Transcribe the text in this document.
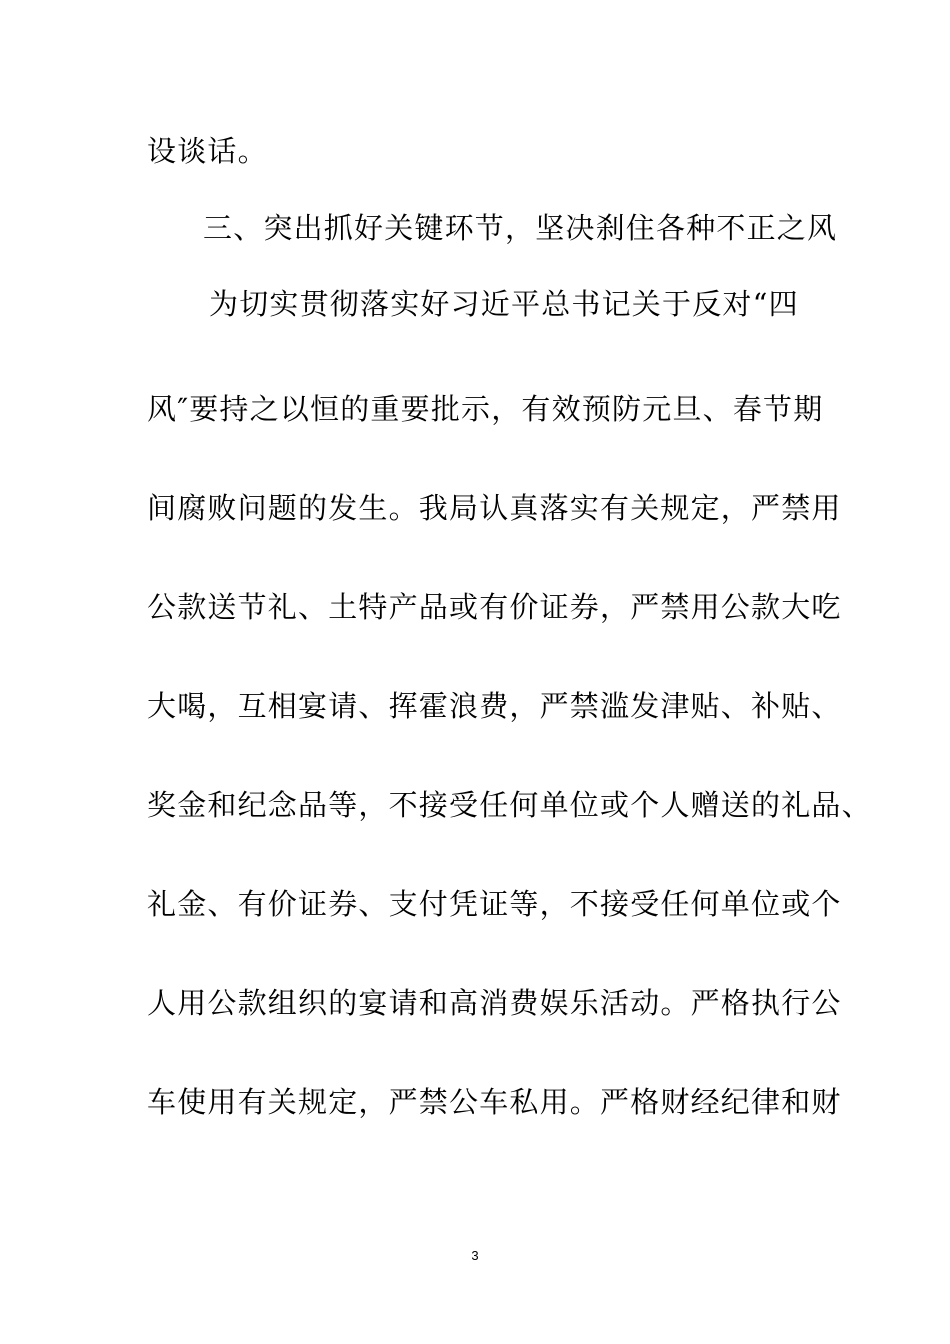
设谈话。
三、突出抓好关键环节，坚决刹住各种不正之风
为切实贯彻落实好习近平总书记关于反对“四
风″要持之以恒的重要批示，有效预防元旦、春节期
间腐败问题的发生。我局认真落实有关规定，严禁用
公款送节礼、土特产品或有价证券，严禁用公款大吃
大喝，互相宴请、挥霍浪费，严禁滥发津贴、补贴、
奖金和纪念品等，不接受任何单位或个人赠送的礼品、
礼金、有价证券、支付凭证等，不接受任何单位或个
人用公款组织的宴请和高消费娱乐活动。严格执行公
车使用有关规定，严禁公车私用。严格财经纪律和财
3
